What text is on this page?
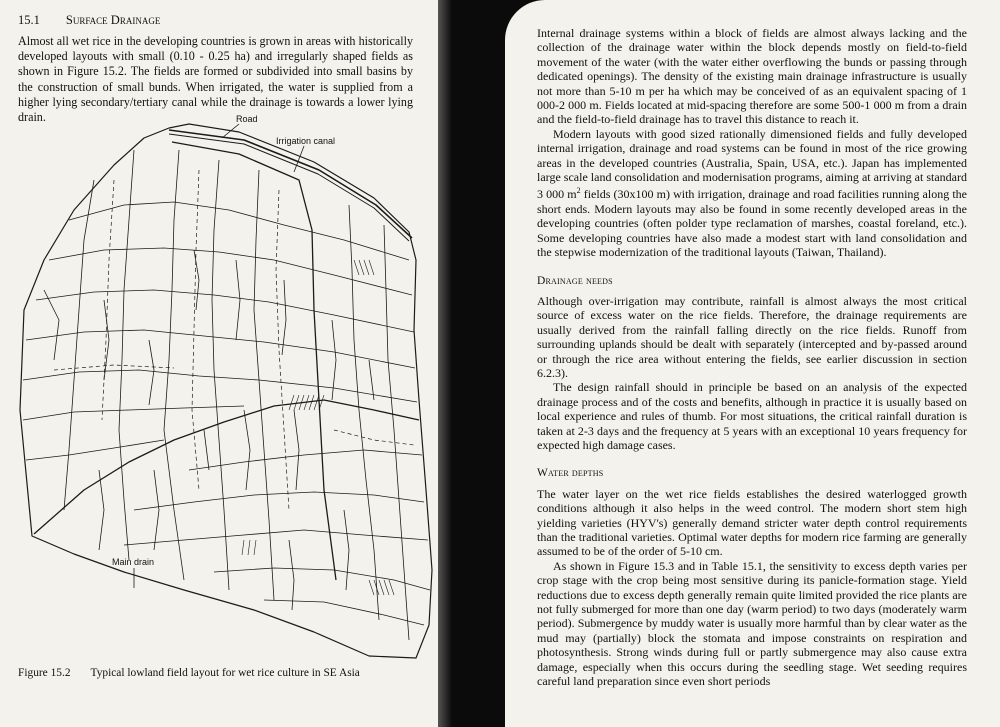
15.1 Surface Drainage

Almost all wet rice in the developing countries is grown in areas with historically developed layouts with small (0.10 - 0.25 ha) and irregularly shaped fields as shown in Figure 15.2. The fields are formed or subdivided into small basins by the construction of small bunds. When irrigated, the water is supplied from a higher lying secondary/tertiary canal while the drainage is towards a lower lying drain.	Road
Irrigation canal
Main drain
Figure 15.2 Typical lowland field layout for wet rice culture in SE Asia

Internal drainage systems within a block of fields are almost always lacking and the collection of the drainage water within the block depends mostly on field-to-field movement of the water (with the water either overflowing the bunds or passing through dedicated openings). The density of the existing main drainage infrastructure is usually not more than 5-10 m per ha which may be conceived of as an equivalent spacing of 1 000-2 000 m. Fields located at mid-spacing therefore are some 500-1 000 m from a drain and the field-to-field drainage has to travel this distance to reach it.

Modern layouts with good sized rationally dimensioned fields and fully developed internal irrigation, drainage and road systems can be found in most of the rice growing areas in the developed countries (Australia, Spain, USA, etc.). Japan has implemented large scale land consolidation and modernisation programs, aiming at arriving at standard 3 000 $m^2$ fields (30x100 m) with irrigation, drainage and road facilities running along the short ends. Modern layouts may also be found in some recently developed areas in the developing countries (often polder type reclamation of marshes, coastal foreland, etc.). Some developing countries have also made a modest start with land consolidation and the stepwise modernization of the traditional layouts (Taiwan, Thailand).

Drainage needs

Although over-irrigation may contribute, rainfall is almost always the most critical source of excess water on the rice fields. Therefore, the drainage requirements are usually derived from the rainfall falling directly on the rice fields. Runoff from surrounding uplands should be dealt with separately (intercepted and by-passed around or through the rice area without entering the fields, see earlier discussion in section 6.2.3).

The design rainfall should in principle be based on an analysis of the expected drainage process and of the costs and benefits, although in practice it is usually based on local experience and rules of thumb. For most situations, the critical rainfall duration is taken at 2-3 days and the frequency at 5 years with an exceptional 10 years frequency for expected high damage cases.

Water depths

The water layer on the wet rice fields establishes the desired waterlogged growth conditions although it also helps in the weed control. The modern short stem high yielding varieties (HYV's) generally demand stricter water depth control requirements than the traditional varieties. Optimal water depths for modern rice farming are generally assumed to be of the order of 5-10 cm.

As shown in Figure 15.3 and in Table 15.1, the sensitivity to excess depth varies per crop stage with the crop being most sensitive during its panicle-formation stage. Yield reductions due to excess depth generally remain quite limited provided the rice plants are not fully submerged for more than one day (warm period) to two days (moderately warm period). Submergence by muddy water is usually more harmful than by clear water as the mud may (partially) block the stomata and impose constraints on respiration and photosynthesis. Strong winds during full or partly submergence may also cause extra damage, especially when this occurs during the seedling stage. Wet seeding requires careful land preparation since even short periods
